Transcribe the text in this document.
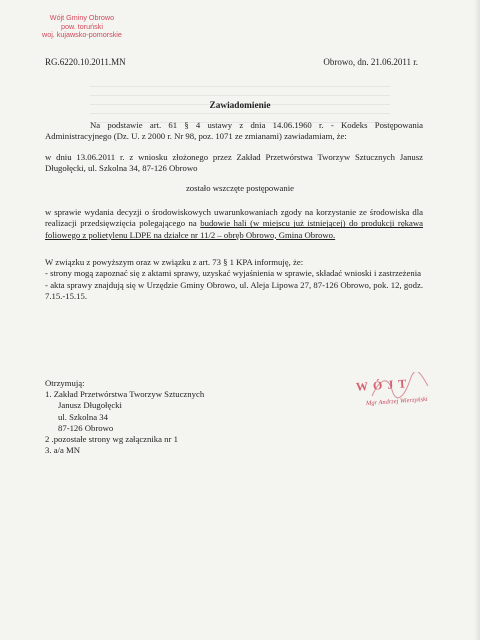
Wójt Gminy Obrowo
pow. toruński
woj. kujawsko-pomorskie
RG.6220.10.2011.MN	Obrowo, dn. 21.06.2011 r.
Zawiadomienie
Na podstawie art. 61 § 4 ustawy z dnia 14.06.1960 r. - Kodeks Postępowania Administracyjnego (Dz. U. z 2000 r. Nr 98, poz. 1071 ze zmianami) zawiadamiam, że:
w dniu 13.06.2011 r. z wniosku złożonego przez Zakład Przetwórstwa Tworzyw Sztucznych Janusz Długołęcki, ul. Szkolna 34, 87-126 Obrowo
zostało wszczęte postępowanie
w sprawie wydania decyzji o środowiskowych uwarunkowaniach zgody na korzystanie ze środowiska dla realizacji przedsięwzięcia polegającego na budowie hali (w miejscu już istniejącej) do produkcji rękawa foliowego z polietylenu LDPE na działce nr 11/2 – obręb Obrowo, Gmina Obrowo.
W związku z powyższym oraz w związku z art. 73 § 1 KPA informuję, że:
- strony mogą zapoznać się z aktami sprawy, uzyskać wyjaśnienia w sprawie, składać wnioski i zastrzeżenia
- akta sprawy znajdują się w Urzędzie Gminy Obrowo, ul. Aleja Lipowa 27, 87-126 Obrowo, pok. 12, godz. 7.15.-15.15.
Otrzymują:
1. Zakład Przetwórstwa Tworzyw Sztucznych
Janusz Długołęcki
ul. Szkolna 34
87-126 Obrowo
2 .pozostałe strony wg załącznika nr 1
3. a/a MN
WÓJT
Mgr Andrzej Wierzyński
